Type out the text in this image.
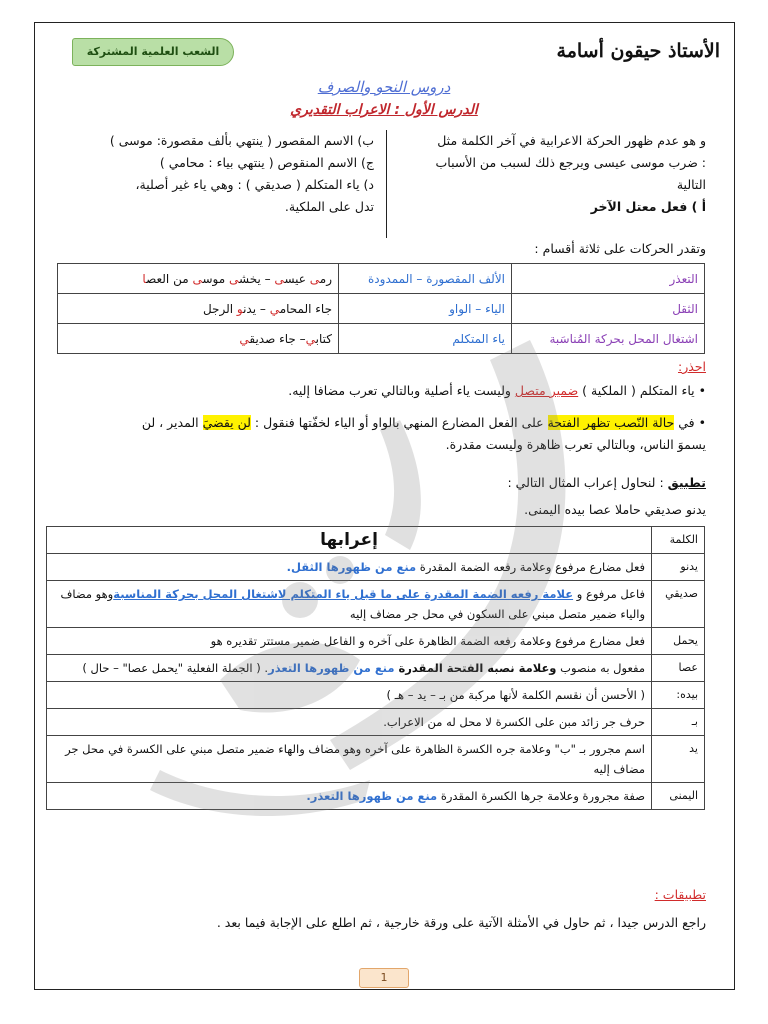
الأستاذ حيقون أسامة
الشعب العلمية المشتركة
دروس النحو والصرف
الدرس الأول : الاعراب التقديري
و هو عدم ظهور الحركة الاعرابية في آخر الكلمة مثل
: ضرب موسى عيسى ويرجع ذلك لسبب من الأسباب
التالية
أ ) فعل معتل الآخر
ب) الاسم المقصور ( ينتهي بألف مقصورة: موسى )
ج) الاسم المنقوص ( ينتهي بياء : محامي )
د) ياء المتكلم ( صديقي ) : وهي ياء غير أصلية،
تدل على الملكية.
وتقدر الحركات على ثلاثة أقسام :
التعذر	الألف المقصورة – الممدودة	رمى عيسى – يخشى موسى من العصا
الثقل	الياء – الواو	جاء المحامي – يدنو الرجل
اشتغال المحل بحركة المُناسَبة	ياء المتكلم	كتابي– جاء صديقي
احذر:
• ياء المتكلم ( الملكية ) ضمير متصل وليست ياء أصلية وبالتالي تعرب مضافا إليه.
• في حالة النّصب تظهر الفتحة على الفعل المضارع المنهي بالواو أو الياء لخفّتها فنقول : لن يقضيَ المدير ، لن
يسموَ الناس، وبالتالي تعرب ظاهرة وليست مقدرة.
تطبيق : لنحاول إعراب المثال التالي :
يدنو صديقي حاملا عصا بيده اليمنى.
الكلمة	إعرابها
يدنو	فعل مضارع مرفوع وعلامة رفعه الضمة المقدرة منع من ظهورها الثقل.
صديقي	فاعل مرفوع و علامة رفعه الضمة المقدرة على ما قبل ياء المتكلم لاشتغال المحل بحركة المناسبةوهو مضاف والياء ضمير متصل مبني على السكون في محل جر مضاف إليه
يحمل	فعل مضارع مرفوع وعلامة رفعه الضمة الظاهرة على آخره و الفاعل ضمير مستتر تقديره هو
عصا	مفعول به منصوب وعلامة نصبه الفتحة المقدرة منع من ظهورها التعذر. ( الجملة الفعلية "يحمل عصا" – حال )
بيده:	( الأحسن أن نقسم الكلمة لأنها مركبة من بـ – يد – هـ )
بـ	حرف جر زائد مبن على الكسرة لا محل له من الاعراب.
يد	اسم مجرور بـ "ب" وعلامة جره الكسرة الظاهرة على آخره وهو مضاف والهاء ضمير متصل مبني على الكسرة في محل جر مضاف إليه
اليمنى	صفة مجرورة وعلامة جرها الكسرة المقدرة منع من ظهورها التعذر.
تطبيقات :
راجع الدرس جيدا ، ثم حاول في الأمثلة الآتية على ورقة خارجية ، ثم اطلع على الإجابة فيما بعد .
1
